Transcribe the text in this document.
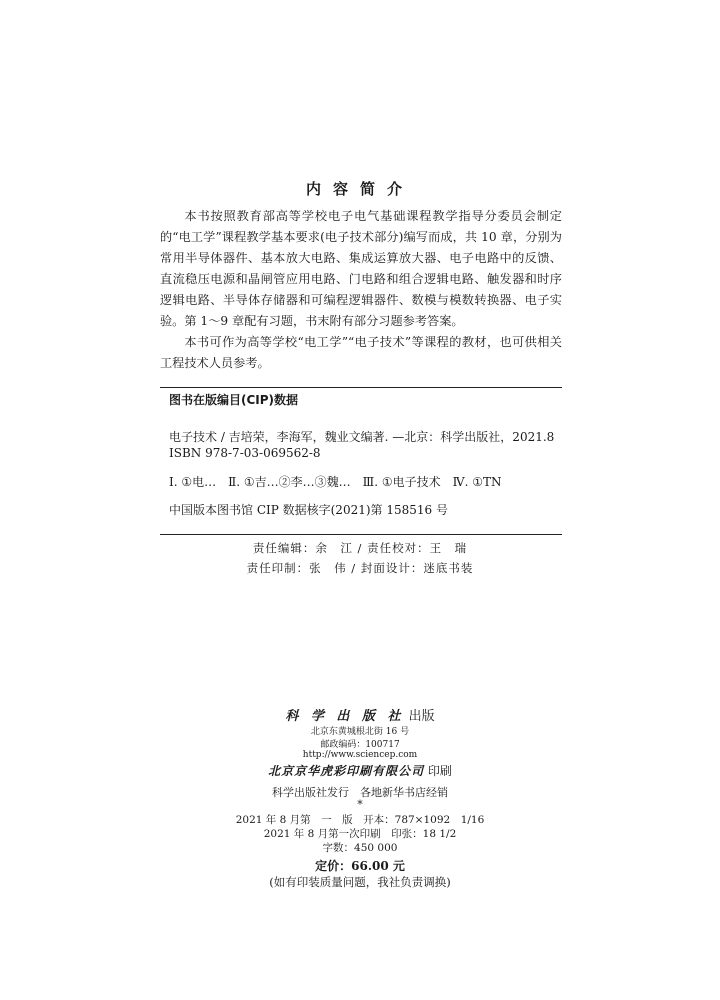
内容简介

本书按照教育部高等学校电子电气基础课程教学指导分委员会制定的“电工学”课程教学基本要求(电子技术部分)编写而成，共 10 章，分别为常用半导体器件、基本放大电路、集成运算放大器、电子电路中的反馈、直流稳压电源和晶闸管应用电路、门电路和组合逻辑电路、触发器和时序逻辑电路、半导体存储器和可编程逻辑器件、数模与模数转换器、电子实验。第 1～9 章配有习题，书末附有部分习题参考答案。

本书可作为高等学校“电工学”“电子技术”等课程的教材，也可供相关工程技术人员参考。

图书在版编目(CIP)数据
电子技术 / 吉培荣，李海军，魏业文编著. —北京：科学出版社，2021.8
ISBN 978-7-03-069562-8
Ⅰ. ①电…　Ⅱ. ①吉…②李…③魏…　Ⅲ. ①电子技术　Ⅳ. ①TN
中国版本图书馆 CIP 数据核字(2021)第 158516 号
责任编辑：余　江 / 责任校对：王　瑞
责任印制：张　伟 / 封面设计：迷底书装
科 学 出 版 社 出版
北京东黄城根北街 16 号
邮政编码：100717
http://www.sciencep.com
北京京华虎彩印刷有限公司 印刷
科学出版社发行　各地新华书店经销
*
2021 年 8 月第　一　版　开本：787×1092　1/16
2021 年 8 月第一次印刷　印张：18 1/2
字数：450 000
定价：66.00 元
(如有印装质量问题，我社负责调换)
